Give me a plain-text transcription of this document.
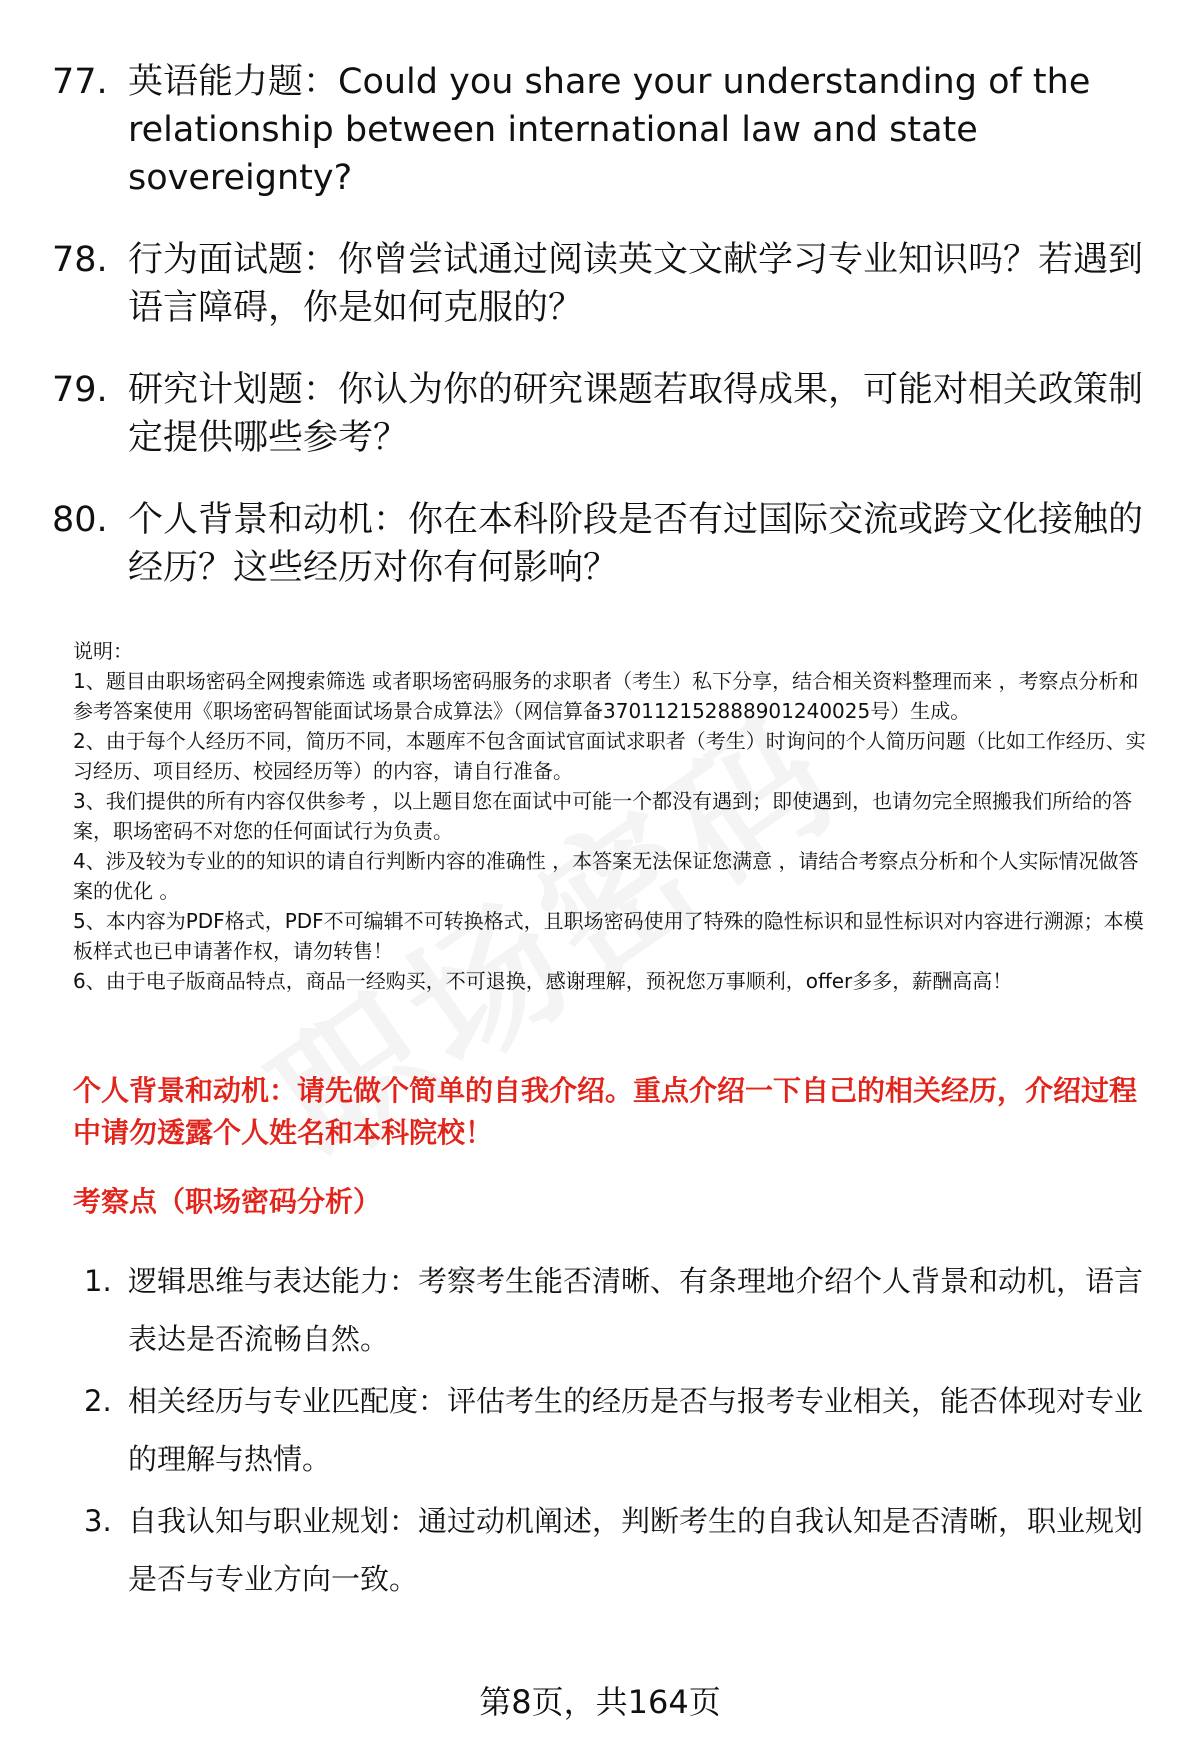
77. 英语能力题：Could you share your understanding of the relationship between international law and state sovereignty?
78. 行为面试题：你曾尝试通过阅读英文文献学习专业知识吗？若遇到语言障碍，你是如何克服的？
79. 研究计划题：你认为你的研究课题若取得成果，可能对相关政策制定提供哪些参考？
80. 个人背景和动机：你在本科阶段是否有过国际交流或跨文化接触的经历？这些经历对你有何影响？
说明：
1、题目由职场密码全网搜索筛选 或者职场密码服务的求职者（考生）私下分享，结合相关资料整理而来 ，考察点分析和参考答案使用《职场密码智能面试场景合成算法》（网信算备370112152888901240025号）生成。
2、由于每个人经历不同，简历不同，本题库不包含面试官面试求职者（考生）时询问的个人简历问题（比如工作经历、实习经历、项目经历、校园经历等）的内容，请自行准备。
3、我们提供的所有内容仅供参考 ，以上题目您在面试中可能一个都没有遇到；即使遇到，也请勿完全照搬我们所给的答案，职场密码不对您的任何面试行为负责。
4、涉及较为专业的的知识的请自行判断内容的准确性 ，本答案无法保证您满意 ，请结合考察点分析和个人实际情况做答案的优化 。
5、本内容为PDF格式，PDF不可编辑不可转换格式，且职场密码使用了特殊的隐性标识和显性标识对内容进行溯源；本模板样式也已申请著作权，请勿转售！
6、由于电子版商品特点，商品一经购买，不可退换，感谢理解，预祝您万事顺利，offer多多，薪酬高高！
个人背景和动机：请先做个简单的自我介绍。重点介绍一下自己的相关经历，介绍过程中请勿透露个人姓名和本科院校！
考察点（职场密码分析）
1. 逻辑思维与表达能力：考察考生能否清晰、有条理地介绍个人背景和动机，语言表达是否流畅自然。
2. 相关经历与专业匹配度：评估考生的经历是否与报考专业相关，能否体现对专业的理解与热情。
3. 自我认知与职业规划：通过动机阐述，判断考生的自我认知是否清晰，职业规划是否与专业方向一致。
第8页，共164页
